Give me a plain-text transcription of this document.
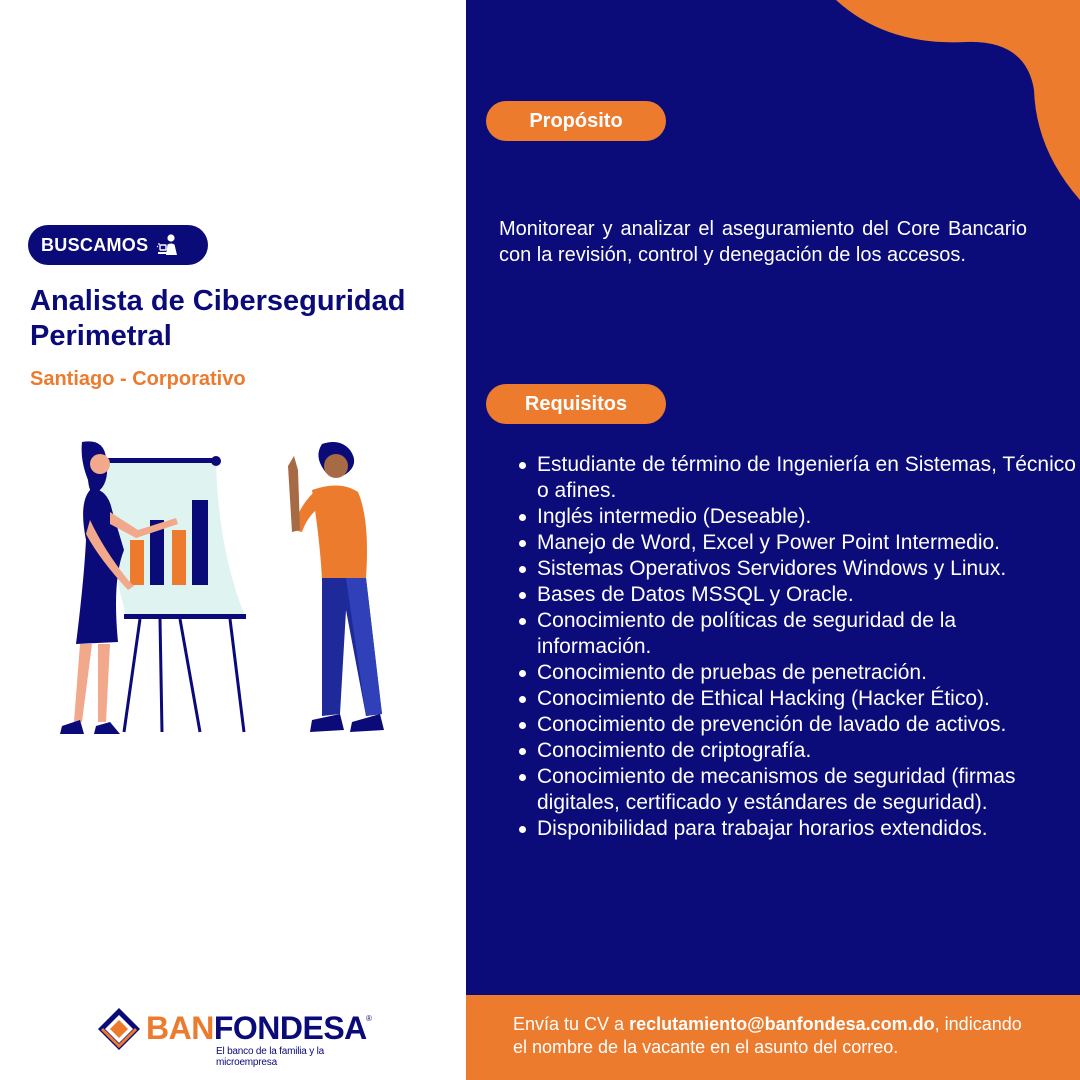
BUSCAMOS
Analista de Ciberseguridad Perimetral
Santiago - Corporativo
BANFONDESA ®
El banco de la familia y la microempresa
Propósito

Monitorear y analizar el aseguramiento del Core Bancario con la revisión, control y denegación de los accesos.

Requisitos
Estudiante de término de Ingeniería en Sistemas, Técnico o afines.
Inglés intermedio (Deseable).
Manejo de Word, Excel y Power Point Intermedio.
Sistemas Operativos Servidores Windows y Linux.
Bases de Datos MSSQL y Oracle.
Conocimiento de políticas de seguridad de la información.
Conocimiento de pruebas de penetración.
Conocimiento de Ethical Hacking (Hacker Ético).
Conocimiento de prevención de lavado de activos.
Conocimiento de criptografía.
Conocimiento de mecanismos de seguridad (firmas digitales, certificado y estándares de seguridad).
Disponibilidad para trabajar horarios extendidos.
Envía tu CV a reclutamiento@banfondesa.com.do, indicando
el nombre de la vacante en el asunto del correo.
